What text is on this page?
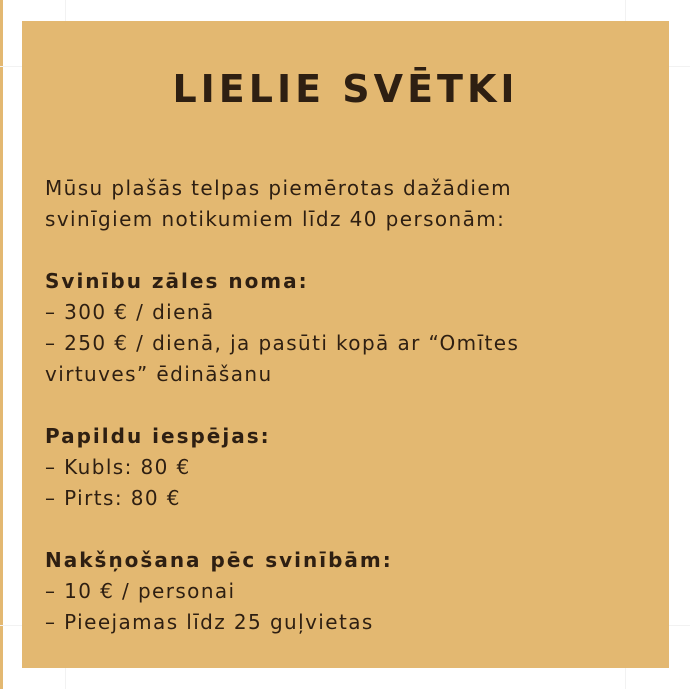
LIELIE SVĒTKI

Mūsu plašās telpas piemērotas dažādiem

svinīgiem notikumiem līdz 40 personām:

Svinību zāles noma:

– 300 € / dienā

– 250 € / dienā, ja pasūti kopā ar “Omītes

virtuves” ēdināšanu

Papildu iespējas:

– Kubls: 80 €

– Pirts: 80 €

Nakšņošana pēc svinībām:

– 10 € / personai

– Pieejamas līdz 25 guļvietas
